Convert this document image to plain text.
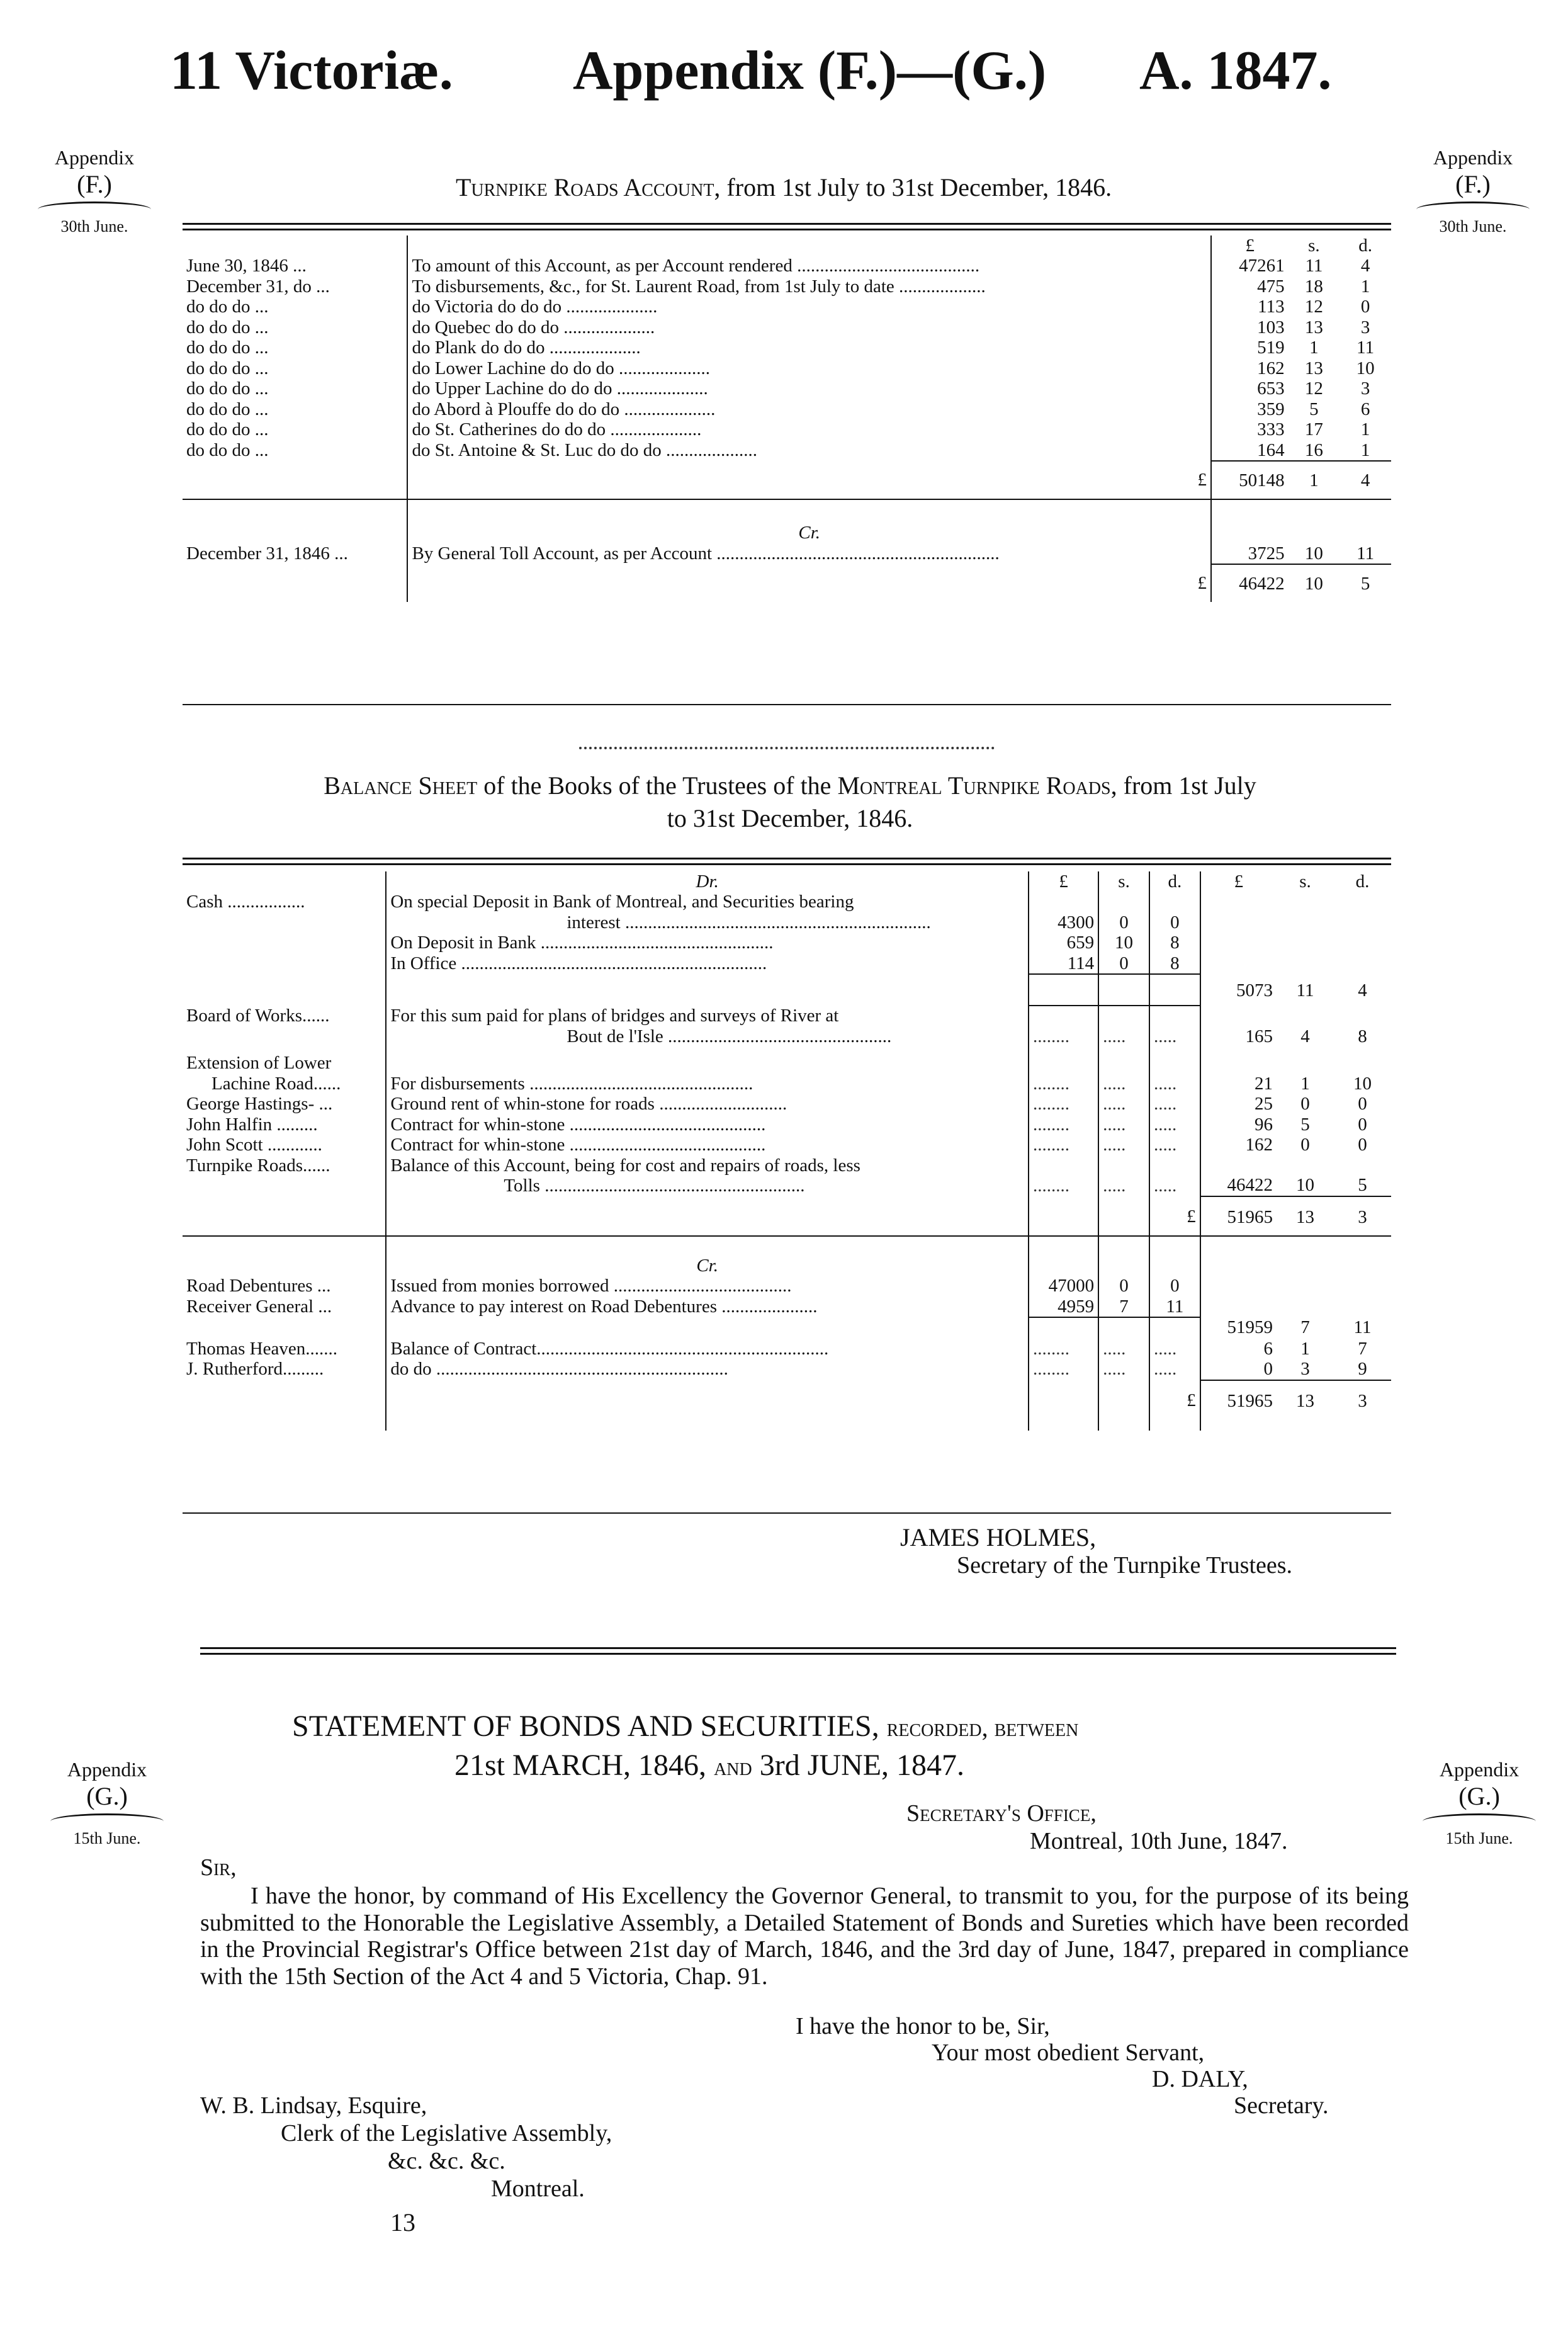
11 Victoriæ. Appendix (F.)—(G.) A. 1847.
Appendix
(F.)
30th June.
Appendix
(F.)
30th June.
Appendix
(G.)
15th June.
Appendix
(G.)
15th June.
Turnpike Roads Account, from 1st July to 31st December, 1846.
		£	s.	d.
June 30, 1846 ...	To amount of this Account, as per Account rendered ........................................	47261	11	4
December 31, do ...	To disbursements, &c., for St. Laurent Road, from 1st July to date ...................	475	18	1
do do do ...	do Victoria do do do ....................	113	12	0
do do do ...	do Quebec do do do ....................	103	13	3
do do do ...	do Plank do do do ....................	519	1	11
do do do ...	do Lower Lachine do do do ....................	162	13	10
do do do ...	do Upper Lachine do do do ....................	653	12	3
do do do ...	do Abord à Plouffe do do do ....................	359	5	6
do do do ...	do St. Catherines do do do ....................	333	17	1
do do do ...	do St. Antoine & St. Luc do do do ....................	164	16	1
	£	50148	1	4

	Cr.			
December 31, 1846 ...	By General Toll Account, as per Account ..............................................................	3725	10	11
	£	46422	10	5
Balance Sheet of the Books of the Trustees of the Montreal Turnpike Roads, from 1st July
to 31st December, 1846.
	Dr.	£	s.	d.	£	s.	d.
Cash .................	On special Deposit in Bank of Montreal, and Securities bearing
interest ...................................................................	4300	0	0			
	On Deposit in Bank ...................................................	659	10	8			
	In Office ...................................................................	114	0	8			
					5073	11	4
Board of Works......	For this sum paid for plans of bridges and surveys of River at
Bout de l'Isle .................................................	........	.....	.....	165	4	8
Extension of Lower
Lachine Road......	For disbursements .................................................	........	.....	.....	21	1	10
George Hastings- ...	Ground rent of whin-stone for roads ............................	........	.....	.....	25	0	0
John Halfin .........	Contract for whin-stone ...........................................	........	.....	.....	96	5	0
John Scott ............	Contract for whin-stone ...........................................	........	.....	.....	162	0	0
Turnpike Roads......	Balance of this Account, being for cost and repairs of roads, less
Tolls .........................................................	........	.....	.....	46422	10	5
				£	51965	13	3

	Cr.						
Road Debentures ...	Issued from monies borrowed .......................................	47000	0	0			
Receiver General ...	Advance to pay interest on Road Debentures .....................	4959	7	11			
					51959	7	11
Thomas Heaven.......	Balance of Contract................................................................	........	.....	.....	6	1	7
J. Rutherford.........	do do ................................................................	........	.....	.....	0	3	9
				£	51965	13	3
JAMES HOLMES,
Secretary of the Turnpike Trustees.
STATEMENT OF BONDS AND SECURITIES, recorded, between
21st MARCH, 1846, and 3rd JUNE, 1847.
Secretary's Office,
Montreal, 10th June, 1847.
Sir,
I have the honor, by command of His Excellency the Governor General, to transmit to you, for the purpose of its being submitted to the Honorable the Legislative Assembly, a Detailed Statement of Bonds and Sureties which have been recorded in the Provincial Registrar's Office between 21st day of March, 1846, and the 3rd day of June, 1847, prepared in compliance with the 15th Section of the Act 4 and 5 Victoria, Chap. 91.
I have the honor to be, Sir,
Your most obedient Servant,
D. DALY,
Secretary.
W. B. Lindsay, Esquire,
Clerk of the Legislative Assembly,
&c. &c. &c.
Montreal.
13
